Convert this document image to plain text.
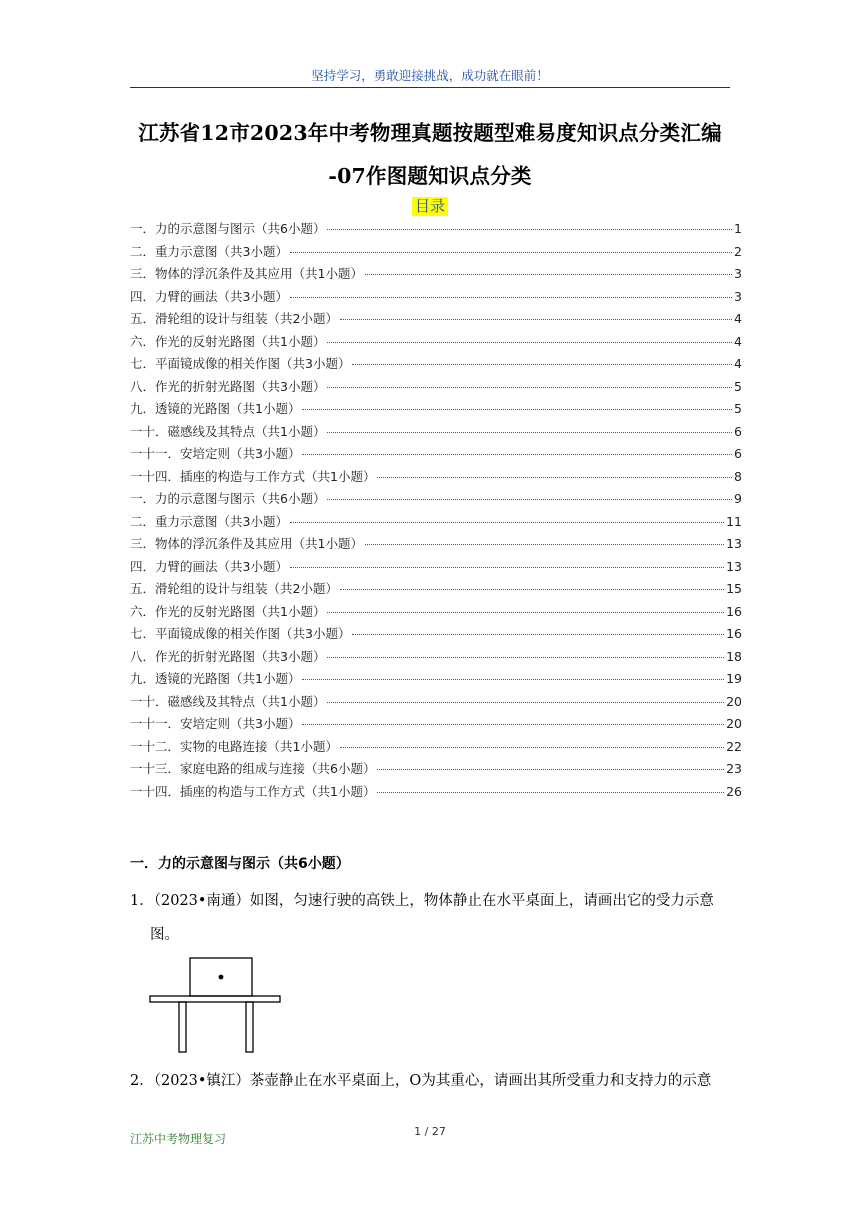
坚持学习，勇敢迎接挑战，成功就在眼前！
江苏省12市2023年中考物理真题按题型难易度知识点分类汇编
-07作图题知识点分类
目录
一．力的示意图与图示（共6小题）	1
二．重力示意图（共3小题）	2
三．物体的浮沉条件及其应用（共1小题）	3
四．力臂的画法（共3小题）	3
五．滑轮组的设计与组装（共2小题）	4
六．作光的反射光路图（共1小题）	4
七．平面镜成像的相关作图（共3小题）	4
八．作光的折射光路图（共3小题）	5
九．透镜的光路图（共1小题）	5
一十．磁感线及其特点（共1小题）	6
一十一．安培定则（共3小题）	6
一十四．插座的构造与工作方式（共1小题）	8
一．力的示意图与图示（共6小题）	9
二．重力示意图（共3小题）	11
三．物体的浮沉条件及其应用（共1小题）	13
四．力臂的画法（共3小题）	13
五．滑轮组的设计与组装（共2小题）	15
六．作光的反射光路图（共1小题）	16
七．平面镜成像的相关作图（共3小题）	16
八．作光的折射光路图（共3小题）	18
九．透镜的光路图（共1小题）	19
一十．磁感线及其特点（共1小题）	20
一十一．安培定则（共3小题）	20
一十二．实物的电路连接（共1小题）	22
一十三．家庭电路的组成与连接（共6小题）	23
一十四．插座的构造与工作方式（共1小题）	26
一．力的示意图与图示（共6小题）
1．（2023•南通）如图，匀速行驶的高铁上，物体静止在水平桌面上，请画出它的受力示意
图。
2．（2023•镇江）茶壶静止在水平桌面上，O为其重心，请画出其所受重力和支持力的示意
江苏中考物理复习
1 / 27
